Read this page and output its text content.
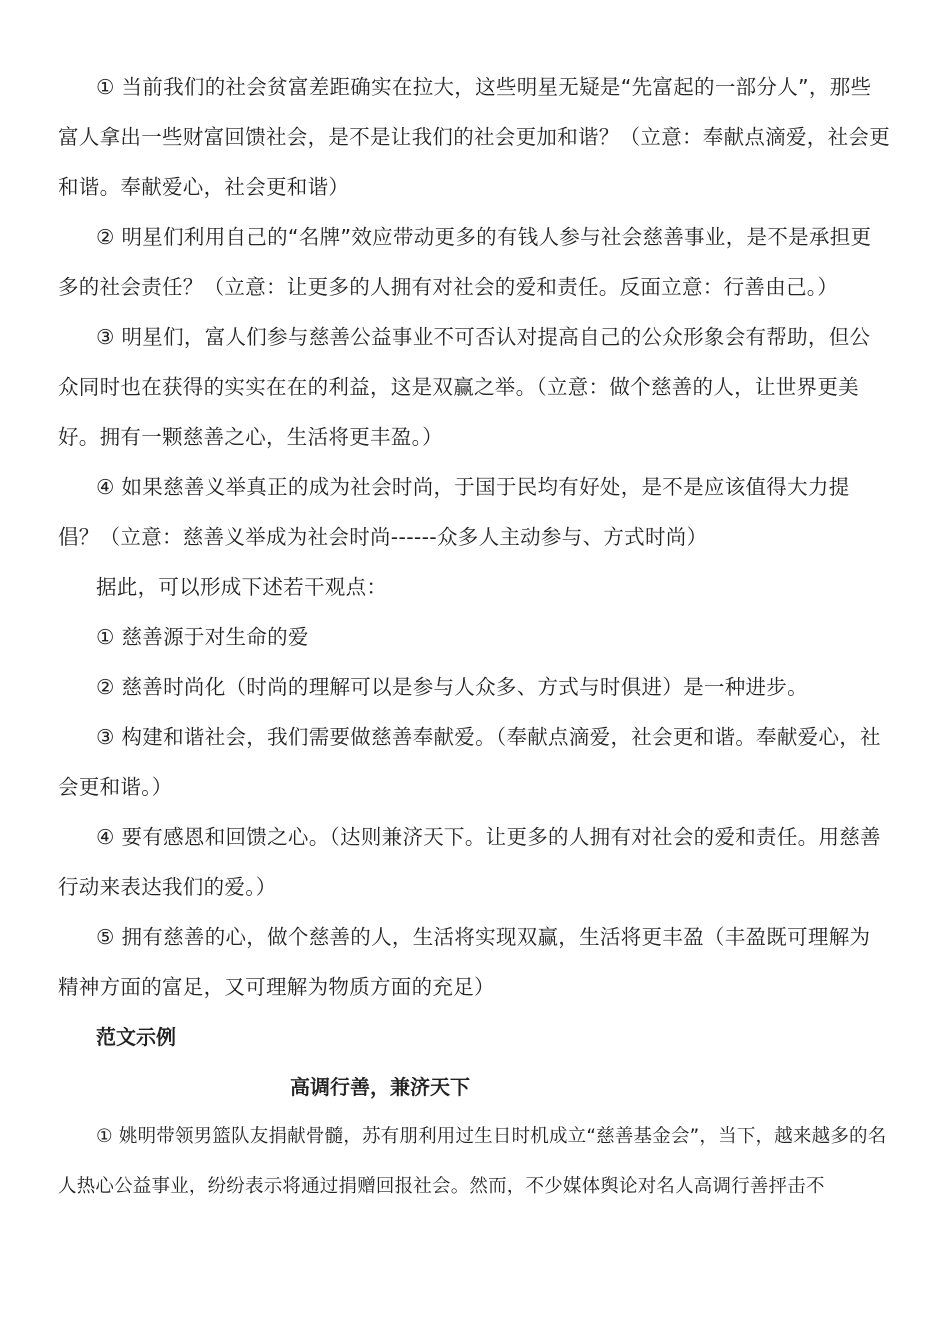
① 当前我们的社会贫富差距确实在拉大，这些明星无疑是“先富起的一部分人”，那些富人拿出一些财富回馈社会，是不是让我们的社会更加和谐？（立意：奉献点滴爱，社会更和谐。奉献爱心，社会更和谐）

② 明星们利用自己的“名牌”效应带动更多的有钱人参与社会慈善事业，是不是承担更多的社会责任？（立意：让更多的人拥有对社会的爱和责任。反面立意：行善由己。）

③ 明星们，富人们参与慈善公益事业不可否认对提高自己的公众形象会有帮助，但公众同时也在获得的实实在在的利益，这是双赢之举。（立意：做个慈善的人，让世界更美好。拥有一颗慈善之心，生活将更丰盈。）

④ 如果慈善义举真正的成为社会时尚，于国于民均有好处，是不是应该值得大力提倡？（立意：慈善义举成为社会时尚------众多人主动参与、方式时尚）

据此，可以形成下述若干观点：

① 慈善源于对生命的爱

② 慈善时尚化（时尚的理解可以是参与人众多、方式与时俱进）是一种进步。

③ 构建和谐社会，我们需要做慈善奉献爱。（奉献点滴爱，社会更和谐。奉献爱心，社会更和谐。）

④ 要有感恩和回馈之心。（达则兼济天下。让更多的人拥有对社会的爱和责任。用慈善行动来表达我们的爱。）

⑤ 拥有慈善的心，做个慈善的人，生活将实现双赢，生活将更丰盈（丰盈既可理解为精神方面的富足，又可理解为物质方面的充足）

范文示例

高调行善，兼济天下

① 姚明带领男篮队友捐献骨髓，苏有朋利用过生日时机成立“慈善基金会”，当下，越来越多的名人热心公益事业，纷纷表示将通过捐赠回报社会。然而，不少媒体舆论对名人高调行善抨击不
